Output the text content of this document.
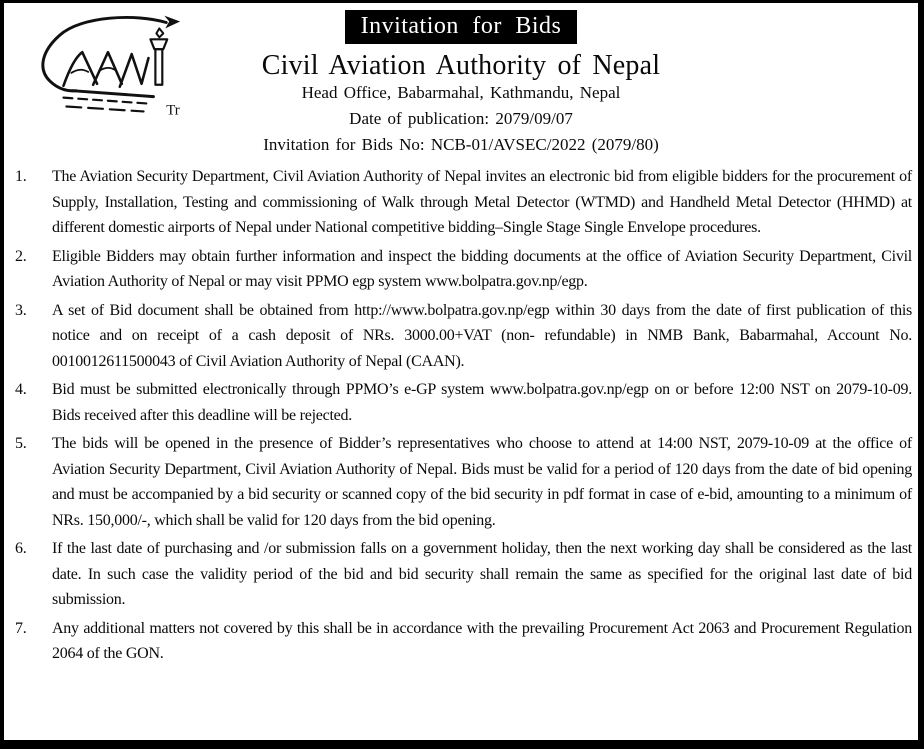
Tr
Invitation for Bids
Civil Aviation Authority of Nepal
Head Office, Babarmahal, Kathmandu, Nepal
Date of publication: 2079/09/07
Invitation for Bids No: NCB-01/AVSEC/2022 (2079/80)
1.	The Aviation Security Department, Civil Aviation Authority of Nepal invites an electronic bid from eligible bidders for the procurement of Supply, Installation, Testing and commissioning of Walk through Metal Detector (WTMD) and Handheld Metal Detector (HHMD) at different domestic airports of Nepal under National competitive bidding–Single Stage Single Envelope procedures.
2.	Eligible Bidders may obtain further information and inspect the bidding documents at the office of Aviation Security Department, Civil Aviation Authority of Nepal or may visit PPMO egp system www.bolpatra.gov.np/egp.
3.	A set of Bid document shall be obtained from http://www.bolpatra.gov.np/egp within 30 days from the date of first publication of this notice and on receipt of a cash deposit of NRs. 3000.00+VAT (non- refundable) in NMB Bank, Babarmahal, Account No. 0010012611500043 of Civil Aviation Authority of Nepal (CAAN).
4.	Bid must be submitted electronically through PPMO’s e-GP system www.bolpatra.gov.np/egp on or before 12:00 NST on 2079-10-09. Bids received after this deadline will be rejected.
5.	The bids will be opened in the presence of Bidder’s representatives who choose to attend at 14:00 NST, 2079-10-09 at the office of Aviation Security Department, Civil Aviation Authority of Nepal. Bids must be valid for a period of 120 days from the date of bid opening and must be accompanied by a bid security or scanned copy of the bid security in pdf format in case of e-bid, amounting to a minimum of NRs. 150,000/-, which shall be valid for 120 days from the bid opening.
6.	If the last date of purchasing and /or submission falls on a government holiday, then the next working day shall be considered as the last date. In such case the validity period of the bid and bid security shall remain the same as specified for the original last date of bid submission.
7.	Any additional matters not covered by this shall be in accordance with the prevailing Procurement Act 2063 and Procurement Regulation 2064 of the GON.
